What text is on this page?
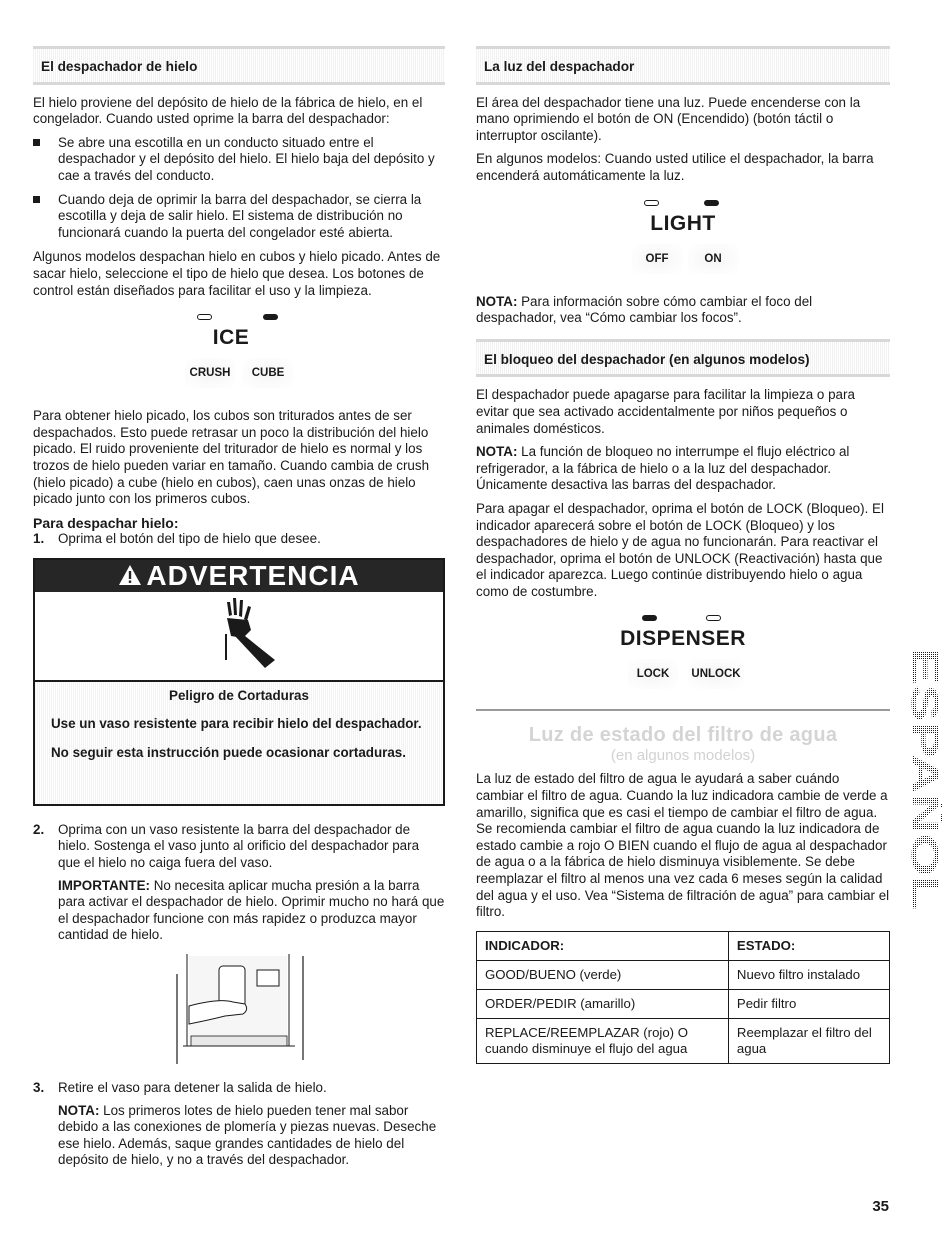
El despachador de hielo

El hielo proviene del depósito de hielo de la fábrica de hielo, en el congelador. Cuando usted oprime la barra del despachador:

Se abre una escotilla en un conducto situado entre el despachador y el depósito del hielo. El hielo baja del depósito y cae a través del conducto.
Cuando deja de oprimir la barra del despachador, se cierra la escotilla y deja de salir hielo. El sistema de distribución no funcionará cuando la puerta del congelador esté abierta.

Algunos modelos despachan hielo en cubos y hielo picado. Antes de sacar hielo, seleccione el tipo de hielo que desea. Los botones de control están diseñados para facilitar el uso y la limpieza.

ICE
CRUSH	CUBE

Para obtener hielo picado, los cubos son triturados antes de ser despachados. Esto puede retrasar un poco la distribución del hielo picado. El ruido proveniente del triturador de hielo es normal y los trozos de hielo pueden variar en tamaño. Cuando cambia de crush (hielo picado) a cube (hielo en cubos), caen unas onzas de hielo picado junto con los primeros cubos.

Para despachar hielo:
1. Oprima el botón del tipo de hielo que desee.
ADVERTENCIA
Peligro de Cortaduras
Use un vaso resistente para recibir hielo del despachador.
No seguir esta instrucción puede ocasionar cortaduras.
2. Oprima con un vaso resistente la barra del despachador de hielo. Sostenga el vaso junto al orificio del despachador para que el hielo no caiga fuera del vaso.
IMPORTANTE: No necesita aplicar mucha presión a la barra para activar el despachador de hielo. Oprimir mucho no hará que el despachador funcione con más rapidez o produzca mayor cantidad de hielo.
3. Retire el vaso para detener la salida de hielo.
NOTA: Los primeros lotes de hielo pueden tener mal sabor debido a las conexiones de plomería y piezas nuevas. Deseche ese hielo. Además, saque grandes cantidades de hielo del depósito de hielo, y no a través del despachador.
La luz del despachador

El área del despachador tiene una luz. Puede encenderse con la mano oprimiendo el botón de ON (Encendido) (botón táctil o interruptor oscilante).

En algunos modelos: Cuando usted utilice el despachador, la barra encenderá automáticamente la luz.

LIGHT
OFF	ON

NOTA: Para información sobre cómo cambiar el foco del despachador, vea “Cómo cambiar los focos”.

El bloqueo del despachador (en algunos modelos)

El despachador puede apagarse para facilitar la limpieza o para evitar que sea activado accidentalmente por niños pequeños o animales domésticos.

NOTA: La función de bloqueo no interrumpe el flujo eléctrico al refrigerador, a la fábrica de hielo o a la luz del despachador. Únicamente desactiva las barras del despachador.

Para apagar el despachador, oprima el botón de LOCK (Bloqueo). El indicador aparecerá sobre el botón de LOCK (Bloqueo) y los despachadores de hielo y de agua no funcionarán. Para reactivar el despachador, oprima el botón de UNLOCK (Reactivación) hasta que el indicador aparezca. Luego continúe distribuyendo hielo o agua como de costumbre.

DISPENSER
LOCK	UNLOCK
Luz de estado del filtro de agua
(en algunos modelos)

La luz de estado del filtro de agua le ayudará a saber cuándo cambiar el filtro de agua. Cuando la luz indicadora cambie de verde a amarillo, significa que es casi el tiempo de cambiar el filtro de agua. Se recomienda cambiar el filtro de agua cuando la luz indicadora de estado cambie a rojo O BIEN cuando el flujo de agua al despachador de agua o a la fábrica de hielo disminuya visiblemente. Se debe reemplazar el filtro al menos una vez cada 6 meses según la calidad del agua y el uso. Vea “Sistema de filtración de agua” para cambiar el filtro.

INDICADOR:	ESTADO:
GOOD/BUENO (verde)	Nuevo filtro instalado
ORDER/PEDIR (amarillo)	Pedir filtro
REPLACE/REEMPLAZAR (rojo) O cuando disminuye el flujo del agua	Reemplazar el filtro del agua
ESPAÑOL
35
